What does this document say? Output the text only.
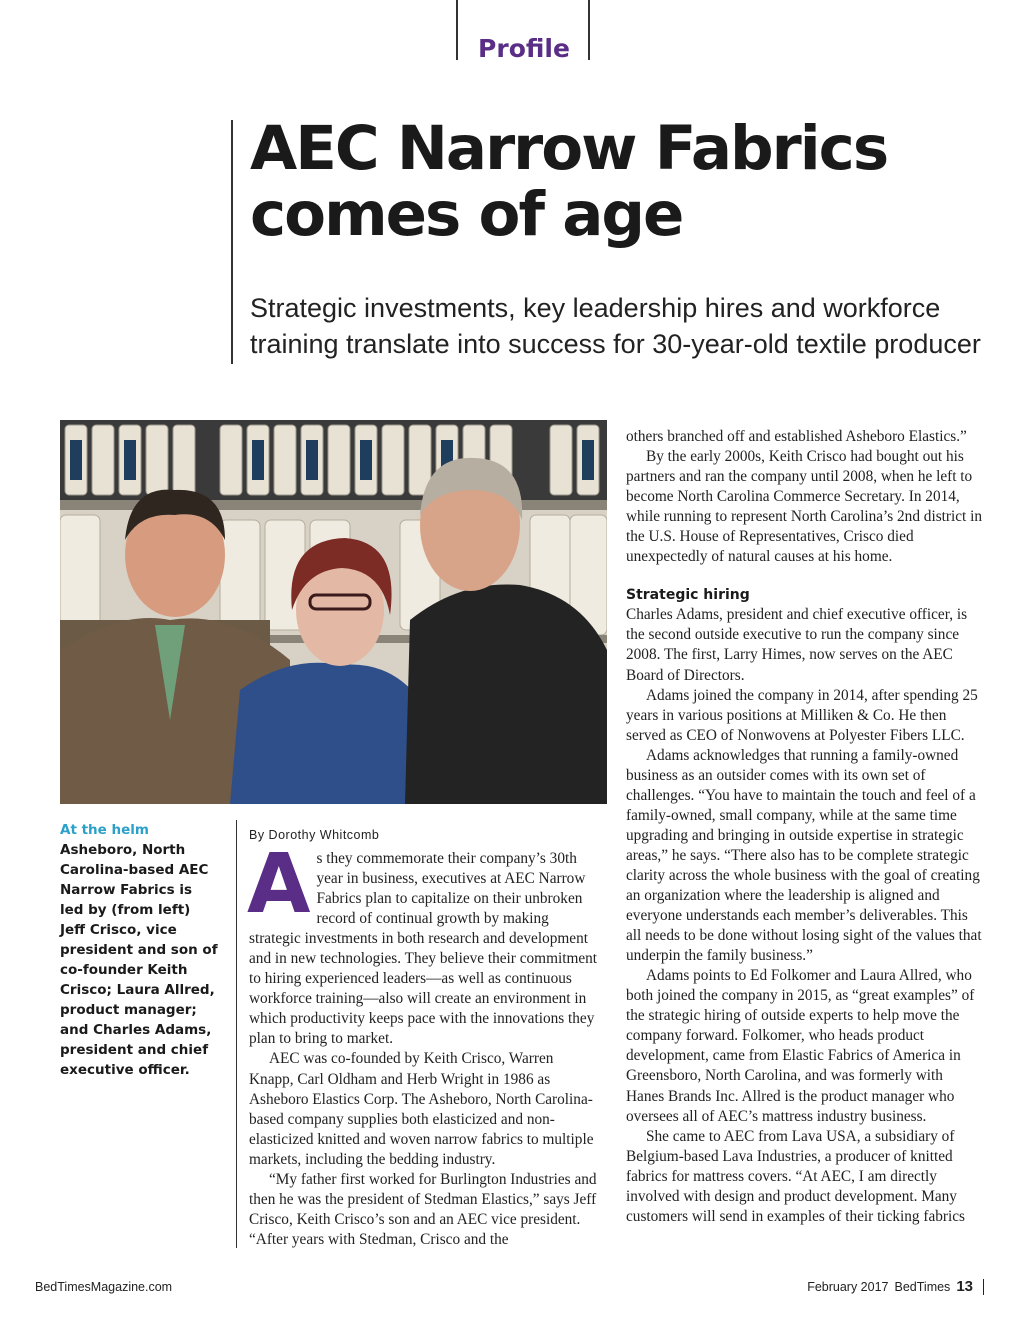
Profile
AEC Narrow Fabrics
comes of age
Strategic investments, key leadership hires and workforce
training translate into success for 30-year-old textile producer
At the helm Asheboro, North Carolina-based AEC Narrow Fabrics is led by (from left) Jeff Crisco, vice president and son of co-founder Keith Crisco; Laura Allred, product manager; and Charles Adams, president and chief executive officer.
By Dorothy Whitcomb

As they commemorate their company’s 30th year in business, executives at AEC Narrow Fabrics plan to capitalize on their unbroken record of continual growth by making strategic investments in both research and development and in new technologies. They believe their commitment to hiring experienced leaders—as well as continuous workforce training—also will create an environment in which productivity keeps pace with the innovations they plan to bring to market.

AEC was co-founded by Keith Crisco, Warren Knapp, Carl Oldham and Herb Wright in 1986 as Asheboro Elastics Corp. The Asheboro, North Carolina-based company supplies both elasticized and non-elasticized knitted and woven narrow fabrics to multiple markets, including the bedding industry.

“My father first worked for Burlington Industries and then he was the president of Stedman Elastics,” says Jeff Crisco, Keith Crisco’s son and an AEC vice president. “After years with Stedman, Crisco and the

others branched off and established Asheboro Elastics.”

By the early 2000s, Keith Crisco had bought out his partners and ran the company until 2008, when he left to become North Carolina Commerce Secretary. In 2014, while running to represent North Carolina’s 2nd district in the U.S. House of Representatives, Crisco died unexpectedly of natural causes at his home.

Strategic hiring

Charles Adams, president and chief executive officer, is the second outside executive to run the company since 2008. The first, Larry Himes, now serves on the AEC Board of Directors.

Adams joined the company in 2014, after spending 25 years in various positions at Milliken & Co. He then served as CEO of Nonwovens at Polyester Fibers LLC.

Adams acknowledges that running a family-owned business as an outsider comes with its own set of challenges. “You have to maintain the touch and feel of a family-owned, small company, while at the same time upgrading and bringing in outside expertise in strategic areas,” he says. “There also has to be complete strategic clarity across the whole business with the goal of creating an organization where the leadership is aligned and everyone understands each member’s deliverables. This all needs to be done without losing sight of the values that underpin the family business.”

Adams points to Ed Folkomer and Laura Allred, who both joined the company in 2015, as “great examples” of the strategic hiring of outside experts to help move the company forward. Folkomer, who heads product development, came from Elastic Fabrics of America in Greensboro, North Carolina, and was formerly with Hanes Brands Inc. Allred is the product manager who oversees all of AEC’s mattress industry business.

She came to AEC from Lava USA, a subsidiary of Belgium-based Lava Industries, a producer of knitted fabrics for mattress covers. “At AEC, I am directly involved with design and product development. Many customers will send in examples of their ticking fabrics

BedTimesMagazine.com	February 2017 BedTimes 13
